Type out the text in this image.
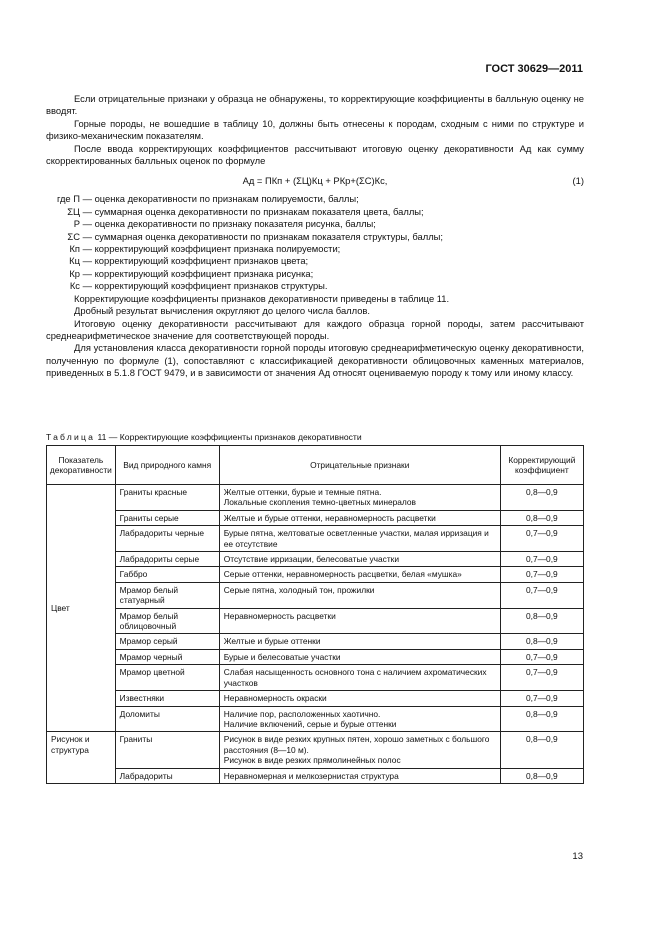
ГОСТ 30629—2011

Если отрицательные признаки у образца не обнаружены, то корректирующие коэффициенты в балльную оценку не вводят.

Горные породы, не вошедшие в таблицу 10, должны быть отнесены к породам, сходным с ними по структуре и физико-механическим показателям.

После ввода корректирующих коэффициентов рассчитывают итоговую оценку декоративности Ад как сумму скорректированных балльных оценок по формуле

Ад = ПКп + (ΣЦ)Кц + РКр+(ΣС)Кс,	(1)
где П — оценка декоративности по признакам полируемости, баллы;
ΣЦ — суммарная оценка декоративности по признакам показателя цвета, баллы;
Р — оценка декоративности по признаку показателя рисунка, баллы;
ΣС — суммарная оценка декоративности по признакам показателя структуры, баллы;
Кп — корректирующий коэффициент признака полируемости;
Кц — корректирующий коэффициент признаков цвета;
Кр — корректирующий коэффициент признака рисунка;
Кс — корректирующий коэффициент признаков структуры.

Корректирующие коэффициенты признаков декоративности приведены в таблице 11.

Дробный результат вычисления округляют до целого числа баллов.

Итоговую оценку декоративности рассчитывают для каждого образца горной породы, затем рассчитывают среднеарифметическое значение для соответствующей породы.

Для установления класса декоративности горной породы итоговую среднеарифметическую оценку декоративности, полученную по формуле (1), сопоставляют с классификацией декоративности облицовочных каменных материалов, приведенных в 5.1.8 ГОСТ 9479, и в зависимости от значения Ад относят оцениваемую породу к тому или иному классу.

Таблица 11 — Корректирующие коэффициенты признаков декоративности
Показатель декоративности	Вид природного камня	Отрицательные признаки	Корректирующий коэффициент
Цвет	Граниты красные	Желтые оттенки, бурые и темные пятна.
Локальные скопления темно-цветных минералов	0,8—0,9
	Граниты серые	Желтые и бурые оттенки, неравномерность расцветки	0,8—0,9
	Лабрадориты черные	Бурые пятна, желтоватые осветленные участки, малая ирризация и ее отсутствие	0,7—0,9
	Лабрадориты серые	Отсутствие ирризации, белесоватые участки	0,7—0,9
	Габбро	Серые оттенки, неравномерность расцветки, белая «мушка»	0,7—0,9
	Мрамор белый статуарный	Серые пятна, холодный тон, прожилки	0,7—0,9
	Мрамор белый облицовочный	Неравномерность расцветки	0,8—0,9
	Мрамор серый	Желтые и бурые оттенки	0,8—0,9
	Мрамор черный	Бурые и белесоватые участки	0,7—0,9
	Мрамор цветной	Слабая насыщенность основного тона с наличием ахроматических участков	0,7—0,9
	Известняки	Неравномерность окраски	0,7—0,9
	Доломиты	Наличие пор, расположенных хаотично.
Наличие включений, серые и бурые оттенки	0,8—0,9
Рисунок и структура	Граниты	Рисунок в виде резких крупных пятен, хорошо заметных с большого расстояния (8—10 м).
Рисунок в виде резких прямолинейных полос	0,8—0,9
	Лабрадориты	Неравномерная и мелкозернистая структура	0,8—0,9
13
